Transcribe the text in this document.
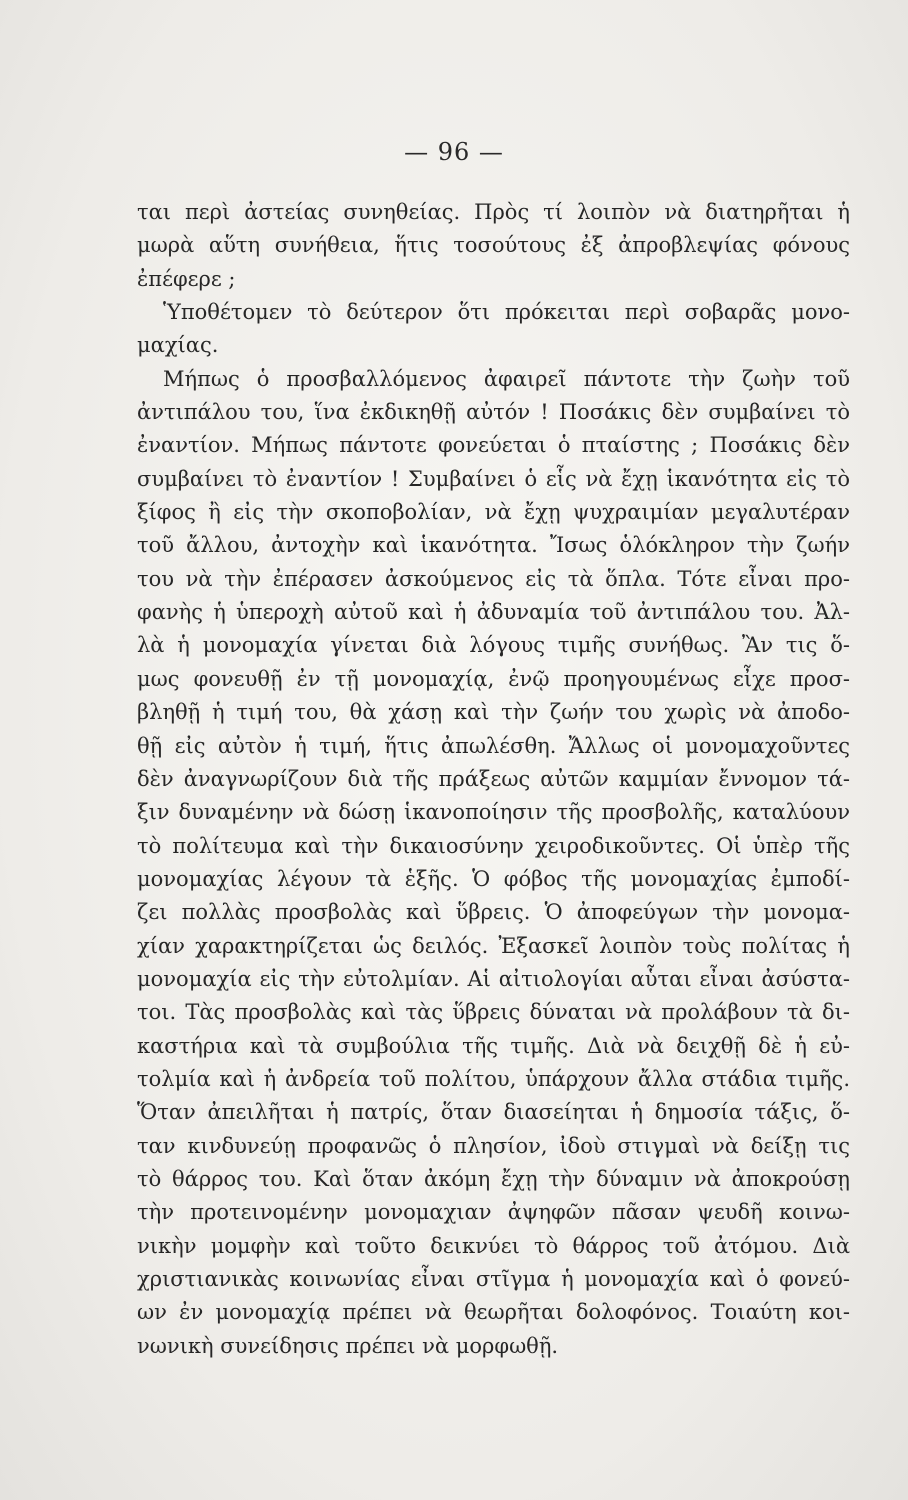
— 96 —
ται περὶ ἀστείας συνηθείας. Πρὸς τί λοιπὸν νὰ διατηρῆται ἡ
μωρὰ αὕτη συνήθεια, ἥτις τοσούτους ἐξ ἀπροβλεψίας φόνους
ἐπέφερε ;
Ὑποθέτομεν τὸ δεύτερον ὅτι πρόκειται περὶ σοβαρᾶς μονο-
μαχίας.
Μήπως ὁ προσβαλλόμενος ἀφαιρεῖ πάντοτε τὴν ζωὴν τοῦ
ἀντιπάλου του, ἵνα ἐκδικηθῇ αὐτόν ! Ποσάκις δὲν συμβαίνει τὸ
ἐναντίον. Μήπως πάντοτε φονεύεται ὁ πταίστης ; Ποσάκις δὲν
συμβαίνει τὸ ἐναντίον ! Συμβαίνει ὁ εἷς νὰ ἔχῃ ἱκανότητα εἰς τὸ
ξίφος ἢ εἰς τὴν σκοποβολίαν, νὰ ἔχῃ ψυχραιμίαν μεγαλυτέραν
τοῦ ἄλλου, ἀντοχὴν καὶ ἱκανότητα. Ἴσως ὁλόκληρον τὴν ζωήν
του νὰ τὴν ἐπέρασεν ἀσκούμενος εἰς τὰ ὅπλα. Τότε εἶναι προ-
φανὴς ἡ ὑπεροχὴ αὐτοῦ καὶ ἡ ἀδυναμία τοῦ ἀντιπάλου του. Ἀλ-
λὰ ἡ μονομαχία γίνεται διὰ λόγους τιμῆς συνήθως. Ἂν τις ὅ-
μως φονευθῇ ἐν τῇ μονομαχίᾳ, ἐνῷ προηγουμένως εἶχε προσ-
βληθῇ ἡ τιμή του, θὰ χάσῃ καὶ τὴν ζωήν του χωρὶς νὰ ἀποδο-
θῇ εἰς αὐτὸν ἡ τιμή, ἥτις ἀπωλέσθη. Ἄλλως οἱ μονομαχοῦντες
δὲν ἀναγνωρίζουν διὰ τῆς πράξεως αὐτῶν καμμίαν ἔννομον τά-
ξιν δυναμένην νὰ δώσῃ ἱκανοποίησιν τῆς προσβολῆς, καταλύουν
τὸ πολίτευμα καὶ τὴν δικαιοσύνην χειροδικοῦντες. Οἱ ὑπὲρ τῆς
μονομαχίας λέγουν τὰ ἑξῆς. Ὁ φόβος τῆς μονομαχίας ἐμποδί-
ζει πολλὰς προσβολὰς καὶ ὕβρεις. Ὁ ἀποφεύγων τὴν μονομα-
χίαν χαρακτηρίζεται ὡς δειλός. Ἐξασκεῖ λοιπὸν τοὺς πολίτας ἡ
μονομαχία εἰς τὴν εὐτολμίαν. Αἱ αἰτιολογίαι αὗται εἶναι ἀσύστα-
τοι. Τὰς προσβολὰς καὶ τὰς ὕβρεις δύναται νὰ προλάβουν τὰ δι-
καστήρια καὶ τὰ συμβούλια τῆς τιμῆς. Διὰ νὰ δειχθῇ δὲ ἡ εὐ-
τολμία καὶ ἡ ἀνδρεία τοῦ πολίτου, ὑπάρχουν ἄλλα στάδια τιμῆς.
Ὅταν ἀπειλῆται ἡ πατρίς, ὅταν διασείηται ἡ δημοσία τάξις, ὅ-
ταν κινδυνεύῃ προφανῶς ὁ πλησίον, ἰδοὺ στιγμαὶ νὰ δείξῃ τις
τὸ θάρρος του. Καὶ ὅταν ἀκόμη ἔχῃ τὴν δύναμιν νὰ ἀποκρούσῃ
τὴν προτεινομένην μονομαχιαν ἀψηφῶν πᾶσαν ψευδῆ κοινω-
νικὴν μομφὴν καὶ τοῦτο δεικνύει τὸ θάρρος τοῦ ἀτόμου. Διὰ
χριστιανικὰς κοινωνίας εἶναι στῖγμα ἡ μονομαχία καὶ ὁ φονεύ-
ων ἐν μονομαχίᾳ πρέπει νὰ θεωρῆται δολοφόνος. Τοιαύτη κοι-
νωνικὴ συνείδησις πρέπει νὰ μορφωθῇ.
